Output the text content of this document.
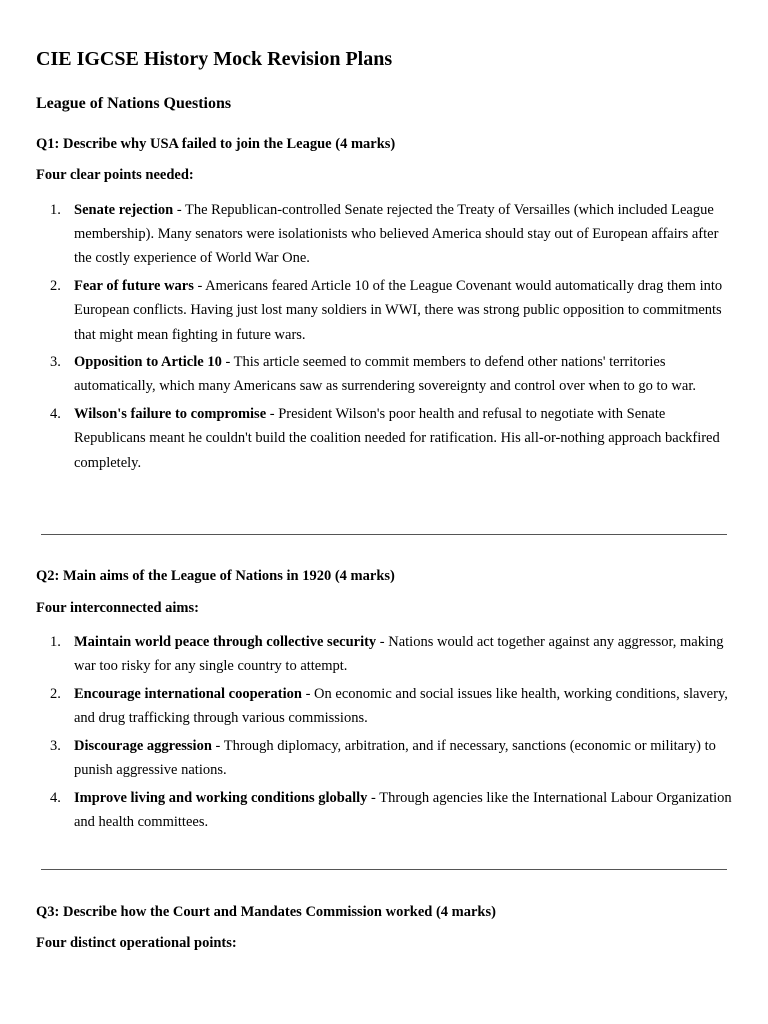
CIE IGCSE History Mock Revision Plans
League of Nations Questions

Q1: Describe why USA failed to join the League (4 marks)

Four clear points needed:

1. Senate rejection - The Republican-controlled Senate rejected the Treaty of Versailles (which included League membership). Many senators were isolationists who believed America should stay out of European affairs after the costly experience of World War One.
2. Fear of future wars - Americans feared Article 10 of the League Covenant would automatically drag them into European conflicts. Having just lost many soldiers in WWI, there was strong public opposition to commitments that might mean fighting in future wars.
3. Opposition to Article 10 - This article seemed to commit members to defend other nations' territories automatically, which many Americans saw as surrendering sovereignty and control over when to go to war.
4. Wilson's failure to compromise - President Wilson's poor health and refusal to negotiate with Senate Republicans meant he couldn't build the coalition needed for ratification. His all-or-nothing approach backfired completely.

Q2: Main aims of the League of Nations in 1920 (4 marks)

Four interconnected aims:

1. Maintain world peace through collective security - Nations would act together against any aggressor, making war too risky for any single country to attempt.
2. Encourage international cooperation - On economic and social issues like health, working conditions, slavery, and drug trafficking through various commissions.
3. Discourage aggression - Through diplomacy, arbitration, and if necessary, sanctions (economic or military) to punish aggressive nations.
4. Improve living and working conditions globally - Through agencies like the International Labour Organization and health committees.

Q3: Describe how the Court and Mandates Commission worked (4 marks)

Four distinct operational points:
